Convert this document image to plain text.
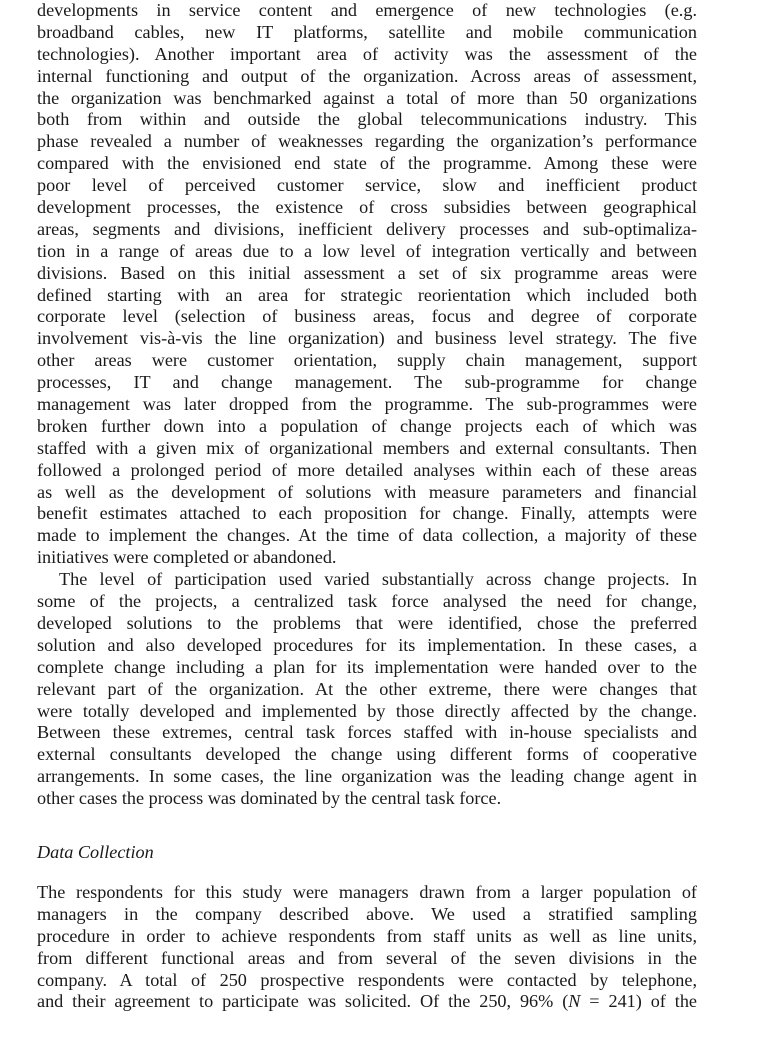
developments in service content and emergence of new technologies (e.g.
broadband cables, new IT platforms, satellite and mobile communication
technologies). Another important area of activity was the assessment of the
internal functioning and output of the organization. Across areas of assessment,
the organization was benchmarked against a total of more than 50 organizations
both from within and outside the global telecommunications industry. This
phase revealed a number of weaknesses regarding the organization’s performance
compared with the envisioned end state of the programme. Among these were
poor level of perceived customer service, slow and inefficient product
development processes, the existence of cross subsidies between geographical
areas, segments and divisions, inefficient delivery processes and sub-optimaliza-
tion in a range of areas due to a low level of integration vertically and between
divisions. Based on this initial assessment a set of six programme areas were
defined starting with an area for strategic reorientation which included both
corporate level (selection of business areas, focus and degree of corporate
involvement vis-à-vis the line organization) and business level strategy. The five
other areas were customer orientation, supply chain management, support
processes, IT and change management. The sub-programme for change
management was later dropped from the programme. The sub-programmes were
broken further down into a population of change projects each of which was
staffed with a given mix of organizational members and external consultants. Then
followed a prolonged period of more detailed analyses within each of these areas
as well as the development of solutions with measure parameters and financial
benefit estimates attached to each proposition for change. Finally, attempts were
made to implement the changes. At the time of data collection, a majority of these
initiatives were completed or abandoned.
The level of participation used varied substantially across change projects. In
some of the projects, a centralized task force analysed the need for change,
developed solutions to the problems that were identified, chose the preferred
solution and also developed procedures for its implementation. In these cases, a
complete change including a plan for its implementation were handed over to the
relevant part of the organization. At the other extreme, there were changes that
were totally developed and implemented by those directly affected by the change.
Between these extremes, central task forces staffed with in-house specialists and
external consultants developed the change using different forms of cooperative
arrangements. In some cases, the line organization was the leading change agent in
other cases the process was dominated by the central task force.
Data Collection
The respondents for this study were managers drawn from a larger population of
managers in the company described above. We used a stratified sampling
procedure in order to achieve respondents from staff units as well as line units,
from different functional areas and from several of the seven divisions in the
company. A total of 250 prospective respondents were contacted by telephone,
and their agreement to participate was solicited. Of the 250, 96% (N = 241) of the
